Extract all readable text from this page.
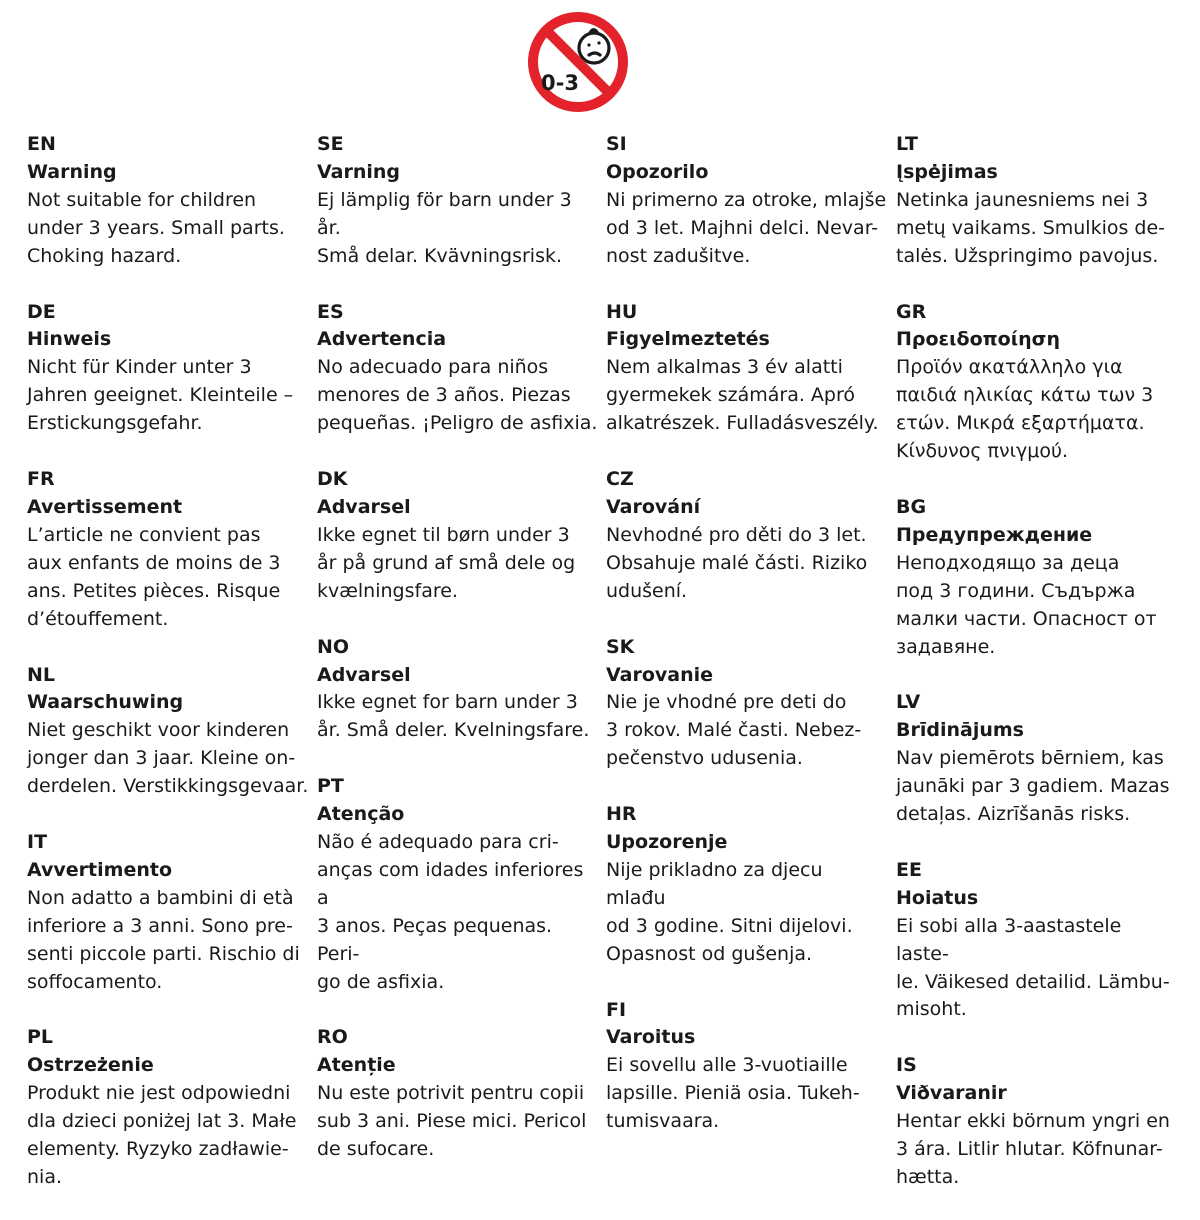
0-3
EN
Warning
Not suitable for children
under 3 years. Small parts.
Choking hazard.
DE
Hinweis
Nicht für Kinder unter 3
Jahren geeignet. Kleinteile –
Erstickungsgefahr.
FR
Avertissement
L’article ne convient pas
aux enfants de moins de 3
ans. Petites pièces. Risque
d’étouffement.
NL
Waarschuwing
Niet geschikt voor kinderen
jonger dan 3 jaar. Kleine on-
derdelen. Verstikkingsgevaar.
IT
Avvertimento
Non adatto a bambini di età
inferiore a 3 anni. Sono pre-
senti piccole parti. Rischio di
soffocamento.
PL
Ostrzeżenie
Produkt nie jest odpowiedni
dla dzieci poniżej lat 3. Małe
elementy. Ryzyko zadławie-
nia.
SE
Varning
Ej lämplig för barn under 3 år.
Små delar. Kvävningsrisk.
ES
Advertencia
No adecuado para niños
menores de 3 años. Piezas
pequeñas. ¡Peligro de asfixia.
DK
Advarsel
Ikke egnet til børn under 3
år på grund af små dele og
kvælningsfare.
NO
Advarsel
Ikke egnet for barn under 3
år. Små deler. Kvelningsfare.
PT
Atenção
Não é adequado para cri-
anças com idades inferiores a
3 anos. Peças pequenas. Peri-
go de asfixia.
RO
Atenție
Nu este potrivit pentru copii
sub 3 ani. Piese mici. Pericol
de sufocare.
SI
Opozorilo
Ni primerno za otroke, mlajše
od 3 let. Majhni delci. Nevar-
nost zadušitve.
HU
Figyelmeztetés
Nem alkalmas 3 év alatti
gyermekek számára. Apró
alkatrészek. Fulladásveszély.
CZ
Varování
Nevhodné pro děti do 3 let.
Obsahuje malé části. Riziko
udušení.
SK
Varovanie
Nie je vhodné pre deti do
3 rokov. Malé časti. Nebez-
pečenstvo udusenia.
HR
Upozorenje
Nije prikladno za djecu mlađu
od 3 godine. Sitni dijelovi.
Opasnost od gušenja.
FI
Varoitus
Ei sovellu alle 3-vuotiaille
lapsille. Pieniä osia. Tukeh-
tumisvaara.
LT
Įspėjimas
Netinka jaunesniems nei 3
metų vaikams. Smulkios de-
talės. Užspringimo pavojus.
GR
Προειδοποίηση
Προϊόν ακατάλληλο για
παιδιά ηλικίας κάτω των 3
ετών. Μικρά εξαρτήματα.
Κίνδυνος πνιγμού.
BG
Предупреждение
Неподходящо за деца
под 3 години. Съдържа
малки части. Опасност от
задавяне.
LV
Brīdinājums
Nav piemērots bērniem, kas
jaunāki par 3 gadiem. Mazas
detaļas. Aizrīšanās risks.
EE
Hoiatus
Ei sobi alla 3-aastastele laste-
le. Väikesed detailid. Lämbu-
misoht.
IS
Viðvaranir
Hentar ekki börnum yngri en
3 ára. Litlir hlutar. Köfnunar-
hætta.
